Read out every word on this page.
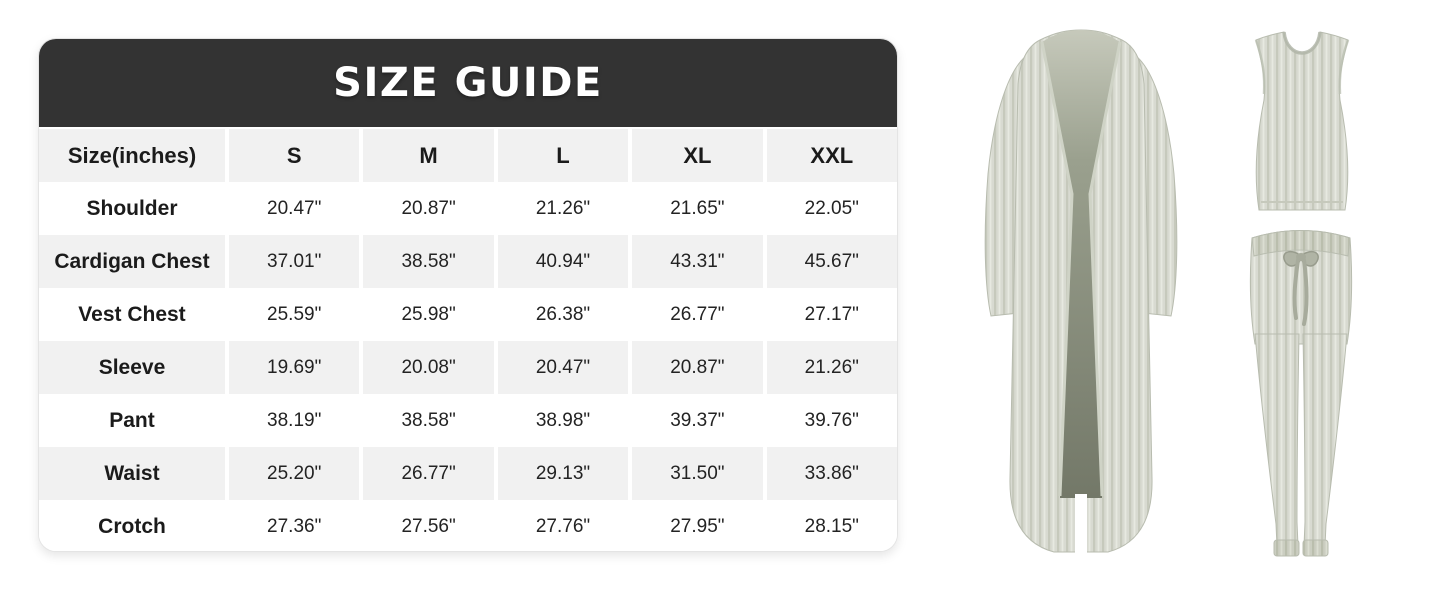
SIZE GUIDE
Size(inches)	S	M	L	XL	XXL
Shoulder	20.47"	20.87"	21.26"	21.65"	22.05"
Cardigan Chest	37.01"	38.58"	40.94"	43.31"	45.67"
Vest Chest	25.59"	25.98"	26.38"	26.77"	27.17"
Sleeve	19.69"	20.08"	20.47"	20.87"	21.26"
Pant	38.19"	38.58"	38.98"	39.37"	39.76"
Waist	25.20"	26.77"	29.13"	31.50"	33.86"
Crotch	27.36"	27.56"	27.76"	27.95"	28.15"
